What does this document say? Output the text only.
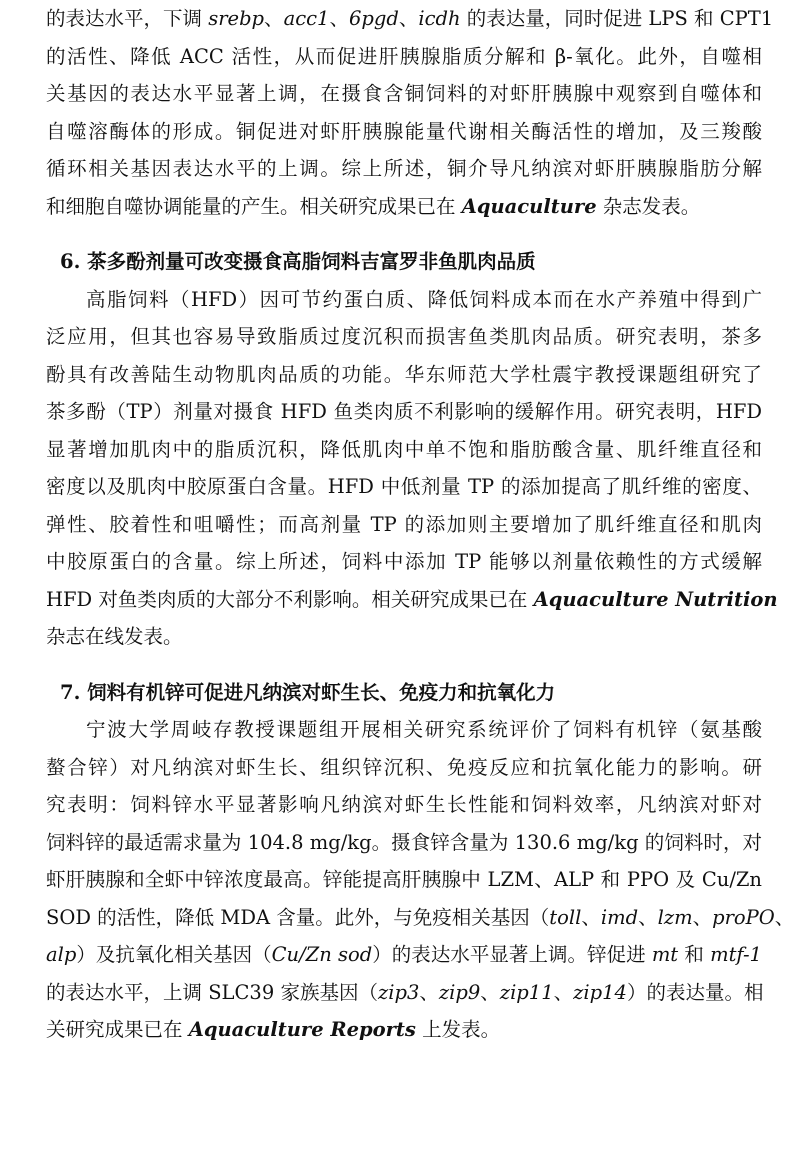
的表达水平，下调 srebp、acc1、6pgd、icdh 的表达量，同时促进 LPS 和 CPT1
的活性、降低 ACC 活性，从而促进肝胰腺脂质分解和 β-氧化。此外，自噬相
关基因的表达水平显著上调，在摄食含铜饲料的对虾肝胰腺中观察到自噬体和
自噬溶酶体的形成。铜促进对虾肝胰腺能量代谢相关酶活性的增加，及三羧酸
循环相关基因表达水平的上调。综上所述，铜介导凡纳滨对虾肝胰腺脂肪分解
和细胞自噬协调能量的产生。相关研究成果已在 Aquaculture 杂志发表。
6. 茶多酚剂量可改变摄食高脂饲料吉富罗非鱼肌肉品质
高脂饲料（HFD）因可节约蛋白质、降低饲料成本而在水产养殖中得到广
泛应用，但其也容易导致脂质过度沉积而损害鱼类肌肉品质。研究表明，茶多
酚具有改善陆生动物肌肉品质的功能。华东师范大学杜震宇教授课题组研究了
茶多酚（TP）剂量对摄食 HFD 鱼类肉质不利影响的缓解作用。研究表明，HFD
显著增加肌肉中的脂质沉积，降低肌肉中单不饱和脂肪酸含量、肌纤维直径和
密度以及肌肉中胶原蛋白含量。HFD 中低剂量 TP 的添加提高了肌纤维的密度、
弹性、胶着性和咀嚼性；而高剂量 TP 的添加则主要增加了肌纤维直径和肌肉
中胶原蛋白的含量。综上所述，饲料中添加 TP 能够以剂量依赖性的方式缓解
HFD 对鱼类肉质的大部分不利影响。相关研究成果已在 Aquaculture Nutrition
杂志在线发表。
7. 饲料有机锌可促进凡纳滨对虾生长、免疫力和抗氧化力
宁波大学周岐存教授课题组开展相关研究系统评价了饲料有机锌（氨基酸
螯合锌）对凡纳滨对虾生长、组织锌沉积、免疫反应和抗氧化能力的影响。研
究表明：饲料锌水平显著影响凡纳滨对虾生长性能和饲料效率，凡纳滨对虾对
饲料锌的最适需求量为 104.8 mg/kg。摄食锌含量为 130.6 mg/kg 的饲料时，对
虾肝胰腺和全虾中锌浓度最高。锌能提高肝胰腺中 LZM、ALP 和 PPO 及 Cu/Zn
SOD 的活性，降低 MDA 含量。此外，与免疫相关基因（toll、imd、lzm、proPO、
alp）及抗氧化相关基因（Cu/Zn sod）的表达水平显著上调。锌促进 mt 和 mtf-1
的表达水平，上调 SLC39 家族基因（zip3、zip9、zip11、zip14）的表达量。相
关研究成果已在 Aquaculture Reports 上发表。
